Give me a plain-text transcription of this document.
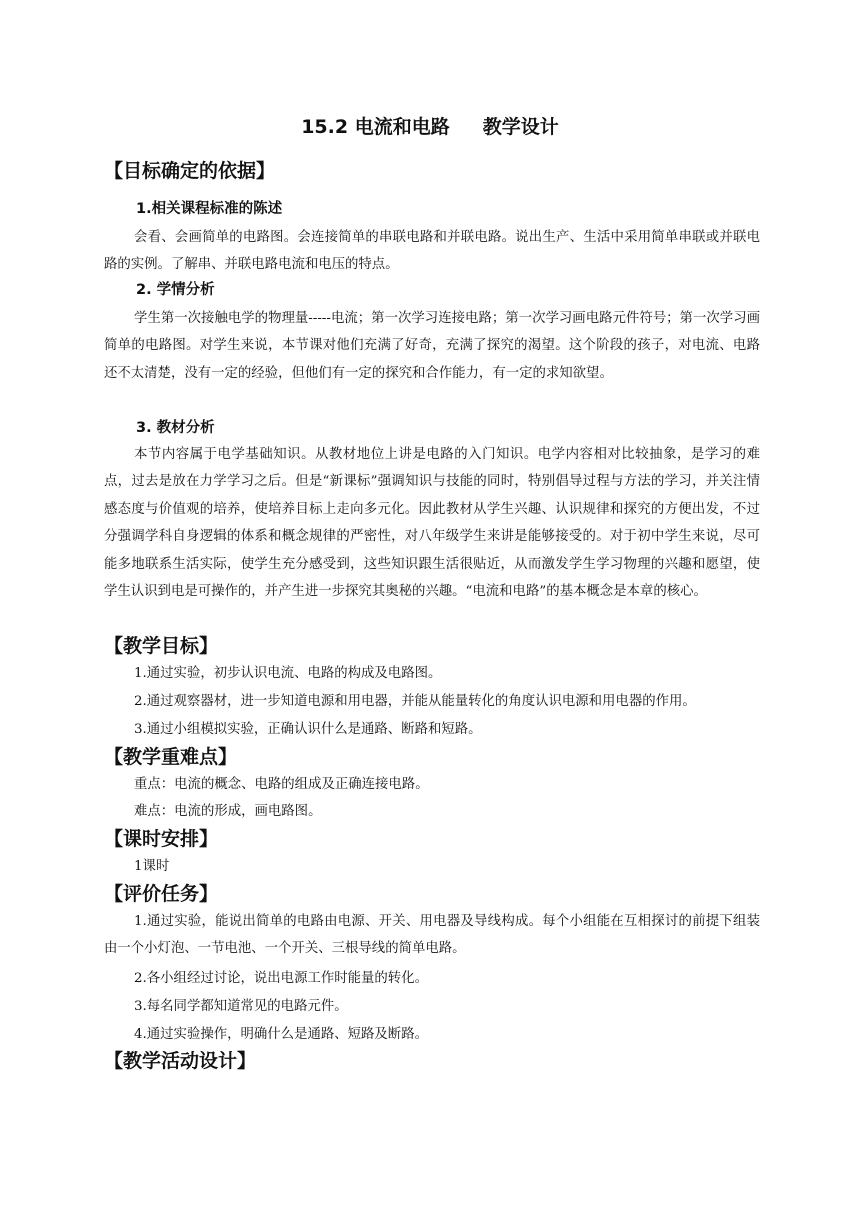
15.2 电流和电路     教学设计
【目标确定的依据】
1.相关课程标准的陈述

会看、会画简单的电路图。会连接简单的串联电路和并联电路。说出生产、生活中采用简单串联或并联电路的实例。了解串、并联电路电流和电压的特点。

2. 学情分析

学生第一次接触电学的物理量-----电流；第一次学习连接电路；第一次学习画电路元件符号；第一次学习画简单的电路图。对学生来说，本节课对他们充满了好奇，充满了探究的渴望。这个阶段的孩子，对电流、电路还不太清楚，没有一定的经验，但他们有一定的探究和合作能力，有一定的求知欲望。

3. 教材分析

本节内容属于电学基础知识。从教材地位上讲是电路的入门知识。电学内容相对比较抽象，是学习的难点，过去是放在力学学习之后。但是“新课标”强调知识与技能的同时，特别倡导过程与方法的学习，并关注情感态度与价值观的培养，使培养目标上走向多元化。因此教材从学生兴趣、认识规律和探究的方便出发，不过分强调学科自身逻辑的体系和概念规律的严密性，对八年级学生来讲是能够接受的。对于初中学生来说，尽可能多地联系生活实际，使学生充分感受到，这些知识跟生活很贴近，从而激发学生学习物理的兴趣和愿望，使学生认识到电是可操作的，并产生进一步探究其奥秘的兴趣。“电流和电路”的基本概念是本章的核心。

【教学目标】

1.通过实验，初步认识电流、电路的构成及电路图。

2.通过观察器材，进一步知道电源和用电器，并能从能量转化的角度认识电源和用电器的作用。

3.通过小组模拟实验，正确认识什么是通路、断路和短路。

【教学重难点】

重点：电流的概念、电路的组成及正确连接电路。

难点：电流的形成，画电路图。

【课时安排】

1课时

【评价任务】

1.通过实验，能说出简单的电路由电源、开关、用电器及导线构成。每个小组能在互相探讨的前提下组装由一个小灯泡、一节电池、一个开关、三根导线的简单电路。

2.各小组经过讨论，说出电源工作时能量的转化。

3.每名同学都知道常见的电路元件。

4.通过实验操作，明确什么是通路、短路及断路。

【教学活动设计】
